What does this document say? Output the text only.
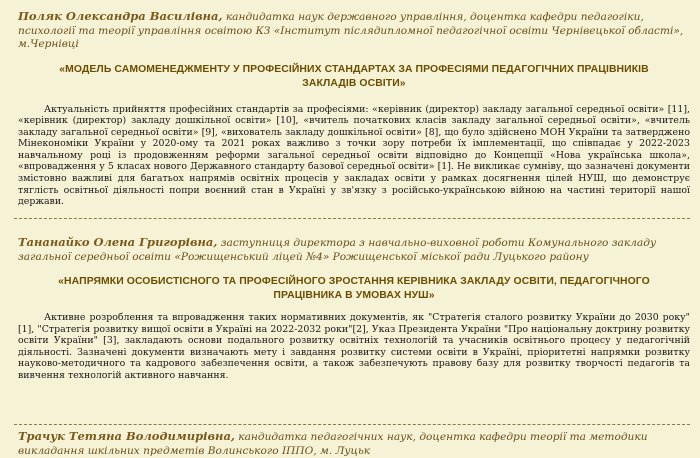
Поляк Олександра Василівна, кандидатка наук державного управління, доцентка кафедри педагогіки, психології та теорії управління освітою КЗ «Інститут післядипломної педагогічної освіти Чернівецької області», м.Чернівці

«МОДЕЛЬ САМОМЕНЕДЖМЕНТУ У ПРОФЕСІЙНИХ СТАНДАРТАХ ЗА ПРОФЕСІЯМИ ПЕДАГОГІЧНИХ ПРАЦІВНИКІВ ЗАКЛАДІВ ОСВІТИ»

Актуальність прийняття професійних стандартів за професіями: «керівник (директор) закладу загальної середньої освіти» [11], «керівник (директор) закладу дошкільної освіти» [10], «вчитель початкових класів закладу загальної середньої освіти», «вчитель закладу загальної середньої освіти» [9], «вихователь закладу дошкільної освіти» [8], що було здійснено МОН України та затверджено Мінекономіки України у 2020-ому та 2021 роках важливо з точки зору потреби їх імплементації, що співпадає у 2022-2023 навчальному році із продовженням реформи загальної середньої освіти відповідно до Концепції «Нова українська школа», «впровадження у 5 класах нового Державного стандарту базової середньої освіти» [1]. Не викликає сумніву, що зазначені документи змістовно важливі для багатьох напрямів освітніх процесів у закладах освіти у рамках досягнення цілей НУШ, що демонструє тяглість освітньої діяльності попри воєнний стан в Україні у зв'язку з російсько-українською війною на частині території нашої держави.

Тананайко Олена Григорівна, заступниця директора з навчально-виховної роботи Комунального закладу загальної середньої освіти «Рожищенський ліцей №4» Рожищенської міської ради Луцького району

«НАПРЯМКИ ОСОБИСТІСНОГО ТА ПРОФЕСІЙНОГО ЗРОСТАННЯ КЕРІВНИКА ЗАКЛАДУ ОСВІТИ, ПЕДАГОГІЧНОГО ПРАЦІВНИКА В УМОВАХ НУШ»

Активне розроблення та впровадження таких нормативних документів, як "Стратегія сталого розвитку України до 2030 року"[1], "Стратегія розвитку вищої освіти в Україні на 2022-2032 роки"[2], Указ Президента України "Про національну доктрину розвитку освіти України" [3], закладають основи подального розвитку освітніх технологій та учасників освітнього процесу у педагогічній діяльності. Зазначені документи визначають мету і завдання розвитку системи освіти в Україні, пріоритетні напрямки розвитку науково-методичного та кадрового забезпечення освіти, а також забезпечують правову базу для розвитку творчості педагогів та вивчення технологій активного навчання.

Трачук Тетяна Володимирівна, кандидатка педагогічних наук, доцентка кафедри теорії та методики викладання шкільних предметів Волинського ІППО, м. Луцьк
